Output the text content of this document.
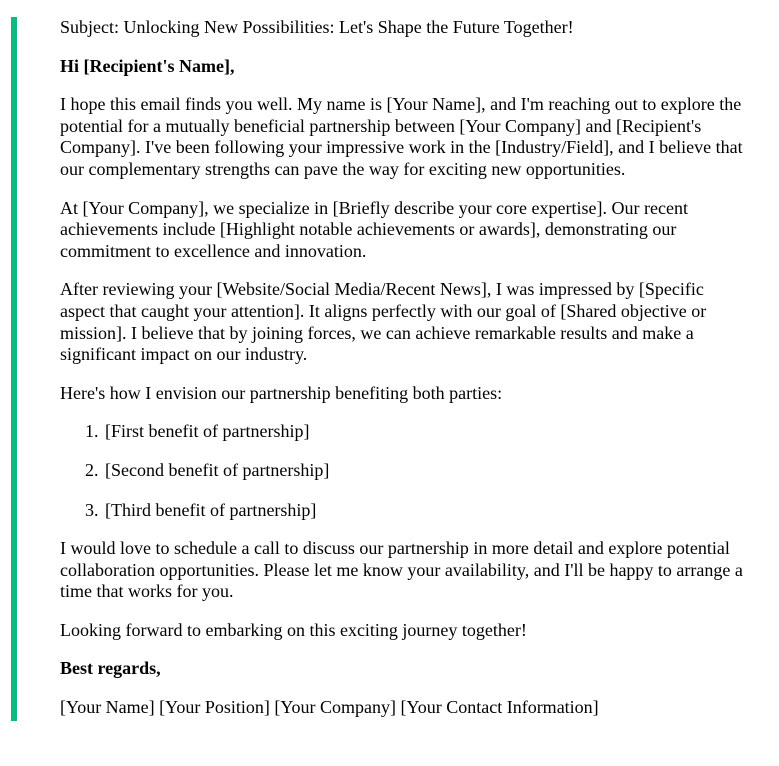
Subject: Unlocking New Possibilities: Let's Shape the Future Together!

Hi [Recipient's Name],

I hope this email finds you well. My name is [Your Name], and I'm reaching out to explore the potential for a mutually beneficial partnership between [Your Company] and [Recipient's Company]. I've been following your impressive work in the [Industry/Field], and I believe that our complementary strengths can pave the way for exciting new opportunities.

At [Your Company], we specialize in [Briefly describe your core expertise]. Our recent achievements include [Highlight notable achievements or awards], demonstrating our commitment to excellence and innovation.

After reviewing your [Website/Social Media/Recent News], I was impressed by [Specific aspect that caught your attention]. It aligns perfectly with our goal of [Shared objective or mission]. I believe that by joining forces, we can achieve remarkable results and make a significant impact on our industry.

Here's how I envision our partnership benefiting both parties:

1. [First benefit of partnership]
2. [Second benefit of partnership]
3. [Third benefit of partnership]

I would love to schedule a call to discuss our partnership in more detail and explore potential collaboration opportunities. Please let me know your availability, and I'll be happy to arrange a time that works for you.

Looking forward to embarking on this exciting journey together!

Best regards,

[Your Name] [Your Position] [Your Company] [Your Contact Information]
